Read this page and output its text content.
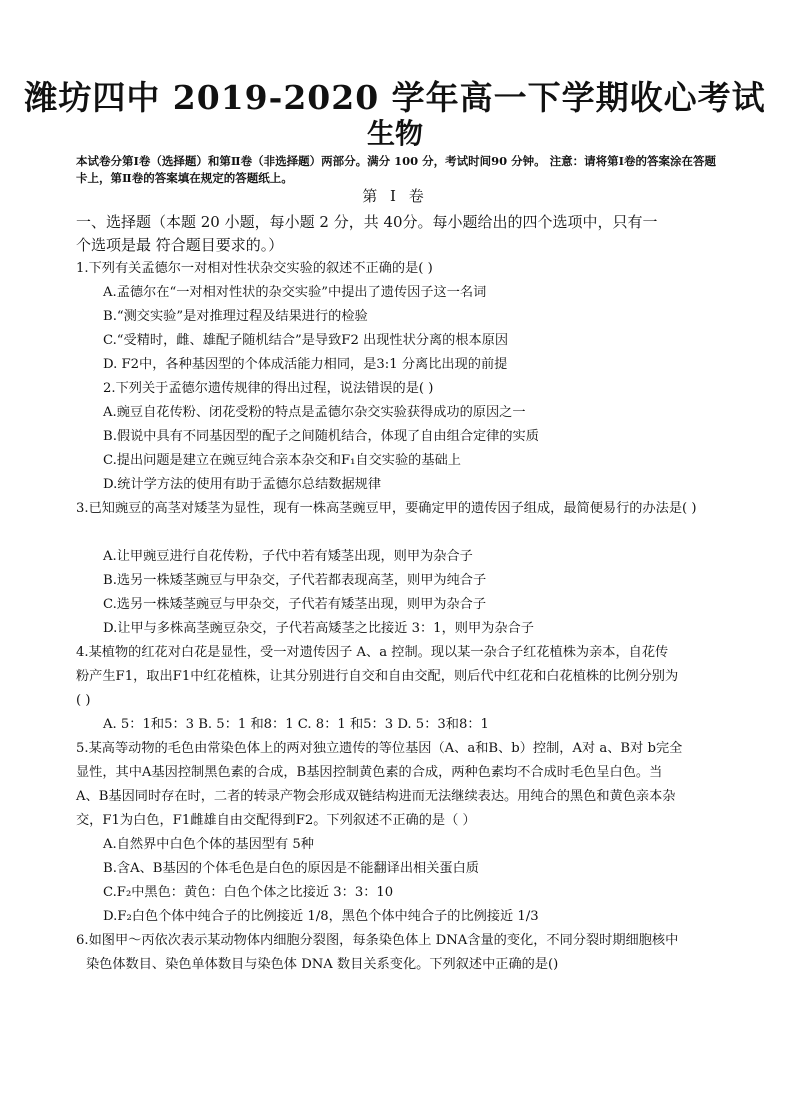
潍坊四中 2019-2020 学年高一下学期收心考试
生物
本试卷分第Ⅰ卷（选择题）和第Ⅱ卷（非选择题）两部分。满分 100 分，考试时间90 分钟。 注意：请将第Ⅰ卷的答案涂在答题卡上，第Ⅱ卷的答案填在规定的答题纸上。
第 Ⅰ 卷
一、选择题（本题 20 小题，每小题 2 分，共 40分。每小题给出的四个选项中，只有一
个选项是最 符合题目要求的。）
1.下列有关孟德尔一对相对性状杂交实验的叙述不正确的是( )
A.孟德尔在“一对相对性状的杂交实验”中提出了遗传因子这一名词
B.“测交实验”是对推理过程及结果进行的检验
C.“受精时，雌、雄配子随机结合”是导致F2 出现性状分离的根本原因
D. F2中，各种基因型的个体成活能力相同，是3:1 分离比出现的前提
2.下列关于孟德尔遗传规律的得出过程，说法错误的是( )
A.豌豆自花传粉、闭花受粉的特点是孟德尔杂交实验获得成功的原因之一
B.假说中具有不同基因型的配子之间随机结合，体现了自由组合定律的实质
C.提出问题是建立在豌豆纯合亲本杂交和F₁自交实验的基础上
D.统计学方法的使用有助于孟德尔总结数据规律
3.已知豌豆的高茎对矮茎为显性，现有一株高茎豌豆甲，要确定甲的遗传因子组成，最简便易行的办法是( )
A.让甲豌豆进行自花传粉，子代中若有矮茎出现，则甲为杂合子
B.选另一株矮茎豌豆与甲杂交，子代若都表现高茎，则甲为纯合子
C.选另一株矮茎豌豆与甲杂交，子代若有矮茎出现，则甲为杂合子
D.让甲与多株高茎豌豆杂交，子代若高矮茎之比接近 3：1，则甲为杂合子
4.某植物的红花对白花是显性，受一对遗传因子 A、a 控制。现以某一杂合子红花植株为亲本，自花传
粉产生F1，取出F1中红花植株，让其分别进行自交和自由交配，则后代中红花和白花植株的比例分别为
( )
A. 5：1和5：3 B. 5：1 和8：1 C. 8：1 和5：3 D. 5：3和8：1
5.某高等动物的毛色由常染色体上的两对独立遗传的等位基因（A、a和B、b）控制，A对 a、B对 b完全
显性，其中A基因控制黑色素的合成，B基因控制黄色素的合成，两种色素均不合成时毛色呈白色。当
A、B基因同时存在时，二者的转录产物会形成双链结构进而无法继续表达。用纯合的黑色和黄色亲本杂
交，F1为白色，F1雌雄自由交配得到F2。下列叙述不正确的是（ ）
A.自然界中白色个体的基因型有 5种
B.含A、B基因的个体毛色是白色的原因是不能翻译出相关蛋白质
C.F₂中黑色：黄色：白色个体之比接近 3：3：10
D.F₂白色个体中纯合子的比例接近 1/8，黑色个体中纯合子的比例接近 1/3
6.如图甲～丙依次表示某动物体内细胞分裂图，每条染色体上 DNA含量的变化，不同分裂时期细胞核中
染色体数目、染色单体数目与染色体 DNA 数目关系变化。下列叙述中正确的是()
